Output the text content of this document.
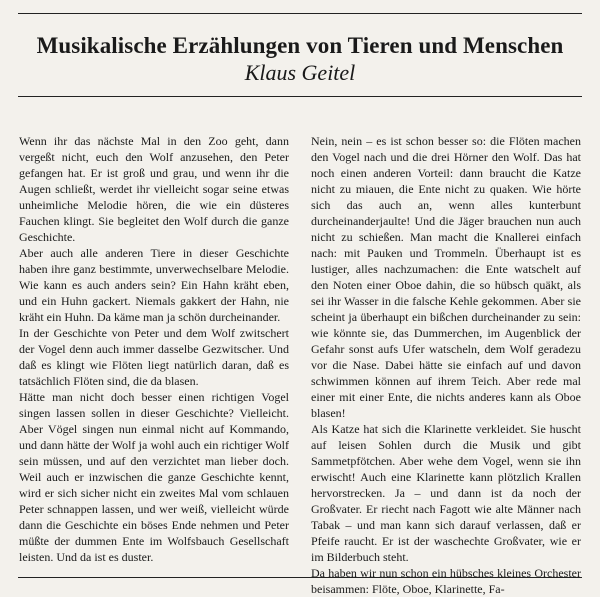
Musikalische Erzählungen von Tieren und Menschen
Klaus Geitel

Wenn ihr das nächste Mal in den Zoo geht, dann vergeßt nicht, euch den Wolf anzusehen, den Peter gefangen hat. Er ist groß und grau, und wenn ihr die Augen schließt, werdet ihr vielleicht sogar seine etwas unheimliche Melodie hören, die wie ein düsteres Fauchen klingt. Sie begleitet den Wolf durch die ganze Geschichte.

Aber auch alle anderen Tiere in dieser Geschichte haben ihre ganz bestimmte, unverwechselbare Melodie. Wie kann es auch anders sein? Ein Hahn kräht eben, und ein Huhn gackert. Niemals gakkert der Hahn, nie kräht ein Huhn. Da käme man ja schön durcheinander.

In der Geschichte von Peter und dem Wolf zwitschert der Vogel denn auch immer dasselbe Gezwitscher. Und daß es klingt wie Flöten liegt natürlich daran, daß es tatsächlich Flöten sind, die da blasen.

Hätte man nicht doch besser einen richtigen Vogel singen lassen sollen in dieser Geschichte? Vielleicht. Aber Vögel singen nun einmal nicht auf Kommando, und dann hätte der Wolf ja wohl auch ein richtiger Wolf sein müssen, und auf den verzichtet man lieber doch. Weil auch er inzwischen die ganze Geschichte kennt, wird er sich sicher nicht ein zweites Mal vom schlauen Peter schnappen lassen, und wer weiß, vielleicht würde dann die Geschichte ein böses Ende nehmen und Peter müßte der dummen Ente im Wolfsbauch Gesellschaft leisten. Und da ist es duster.

Nein, nein – es ist schon besser so: die Flöten machen den Vogel nach und die drei Hörner den Wolf. Das hat noch einen anderen Vorteil: dann braucht die Katze nicht zu miauen, die Ente nicht zu quaken. Wie hörte sich das auch an, wenn alles kunterbunt durcheinanderjaulte! Und die Jäger brauchen nun auch nicht zu schießen. Man macht die Knallerei einfach nach: mit Pauken und Trommeln. Überhaupt ist es lustiger, alles nachzumachen: die Ente watschelt auf den Noten einer Oboe dahin, die so hübsch quäkt, als sei ihr Wasser in die falsche Kehle gekommen. Aber sie scheint ja überhaupt ein bißchen durcheinander zu sein: wie könnte sie, das Dummerchen, im Augenblick der Gefahr sonst aufs Ufer watscheln, dem Wolf geradezu vor die Nase. Dabei hätte sie einfach auf und davon schwimmen können auf ihrem Teich. Aber rede mal einer mit einer Ente, die nichts anderes kann als Oboe blasen!

Als Katze hat sich die Klarinette verkleidet. Sie huscht auf leisen Sohlen durch die Musik und gibt Sammetpfötchen. Aber wehe dem Vogel, wenn sie ihn erwischt! Auch eine Klarinette kann plötzlich Krallen hervorstrecken. Ja – und dann ist da noch der Großvater. Er riecht nach Fagott wie alte Männer nach Tabak – und man kann sich darauf verlassen, daß er Pfeife raucht. Er ist der waschechte Großvater, wie er im Bilderbuch steht.

Da haben wir nun schon ein hübsches kleines Orchester beisammen: Flöte, Oboe, Klarinette, Fa-
